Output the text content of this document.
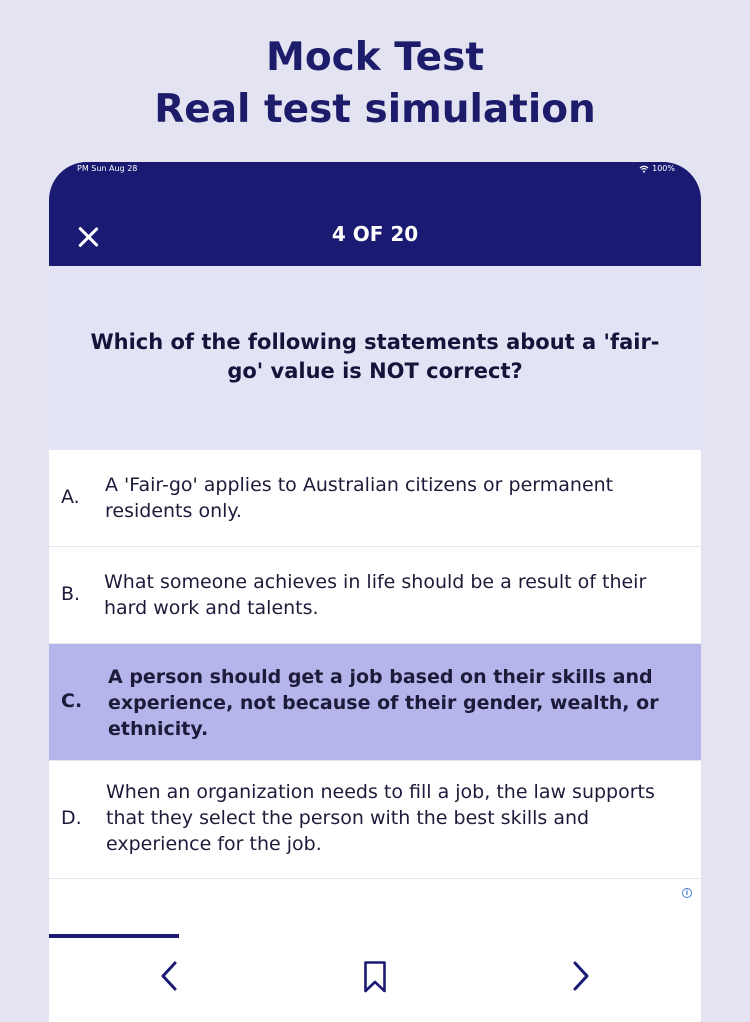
Mock Test
Real test simulation
PM Sun Aug 28	100%
4 OF 20
Which of the following statements about a 'fair-go' value is NOT correct?
A.
A 'Fair-go' applies to Australian citizens or permanent residents only.
B.
What someone achieves in life should be a result of their hard work and talents.
C.
A person should get a job based on their skills and experience, not because of their gender, wealth, or ethnicity.
D.
When an organization needs to fill a job, the law supports that they select the person with the best skills and experience for the job.
i
